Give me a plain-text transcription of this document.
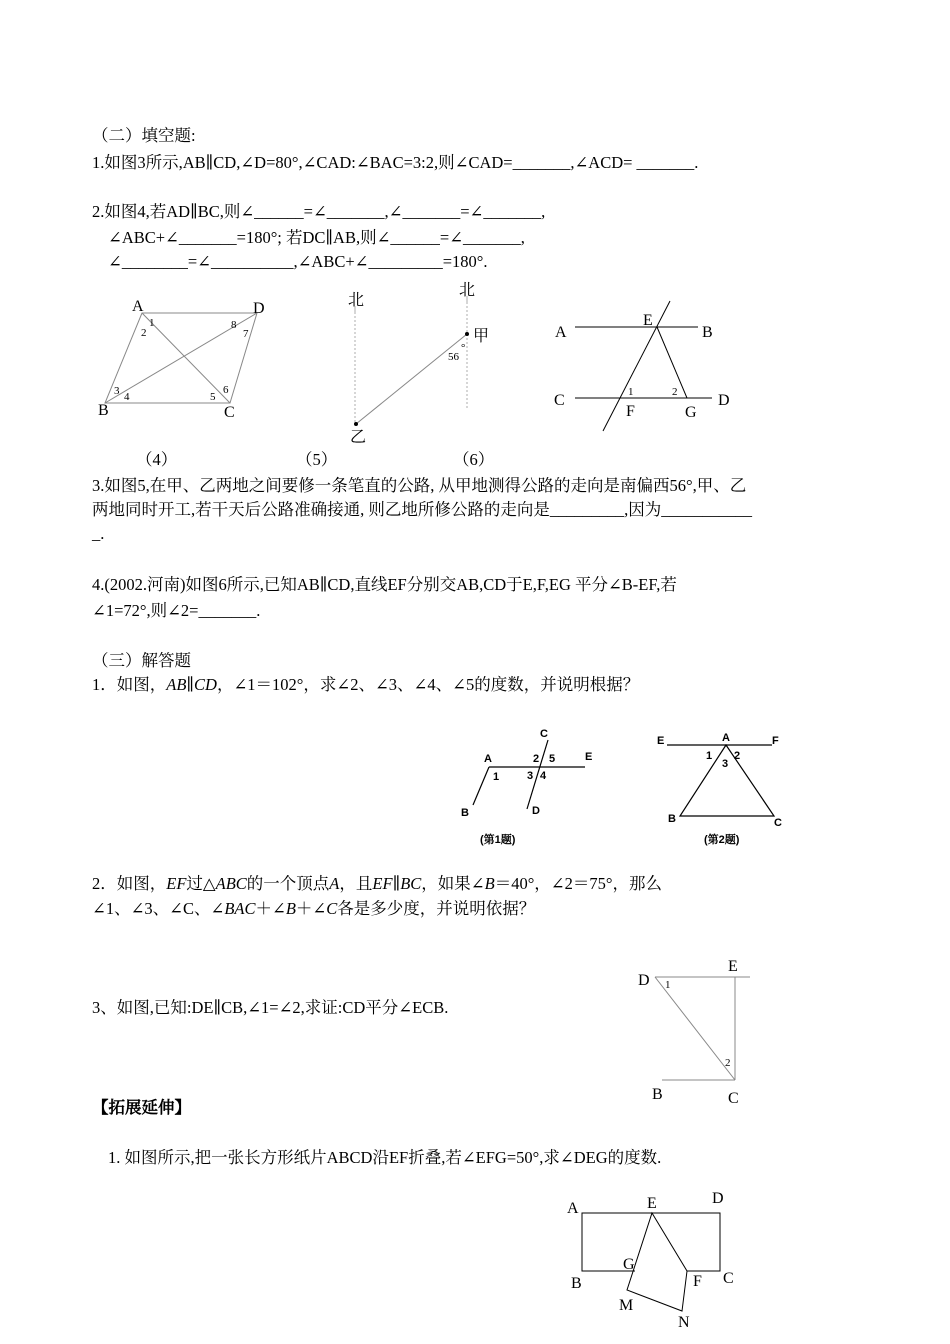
（二）填空题:
1.如图3所示,AB∥CD,∠D=80°,∠CAD:∠BAC=3:2,则∠CAD=_______,∠ACD= _______.
2.如图4,若AD∥BC,则∠______=∠_______,∠_______=∠_______,
∠ABC+∠_______=180°; 若DC∥AB,则∠______=∠_______,
∠________=∠__________,∠ABC+∠_________=180°.
A	D
B	C
1
2
3 4	5
6
7
8
北
北
甲
乙
56
°
A	B
C	D
E
F	G
1	2
（4）	（5）	（6）
3.如图5,在甲、乙两地之间要修一条笔直的公路, 从甲地测得公路的走向是南偏西56°,甲、乙
两地同时开工,若干天后公路准确接通, 则乙地所修公路的走向是_________,因为___________
_.
4.(2002.河南)如图6所示,已知AB∥CD,直线EF分别交AB,CD于E,F,EG 平分∠B-EF,若
∠1=72°,则∠2=_______.
（三）解答题
1．如图，AB∥CD，∠1＝102°，求∠2、∠3、∠4、∠5的度数，并说明根据？
A
B
C
D
E
2 5
1	3 4
(第1题)
E	A	F
B	C
1 2
3
(第2题)
2．如图，EF过△ABC的一个顶点A，且EF∥BC，如果∠B＝40°，∠2＝75°，那么
∠1、∠3、∠C、∠BAC＋∠B＋∠C各是多少度，并说明依据？
3、如图,已知:DE∥CB,∠1=∠2,求证:CD平分∠ECB.
D
E
B	C
1
2
【拓展延伸】
1. 如图所示,把一张长方形纸片ABCD沿EF折叠,若∠EFG=50°,求∠DEG的度数.
A
B	C
D
E
F
G
M
N
